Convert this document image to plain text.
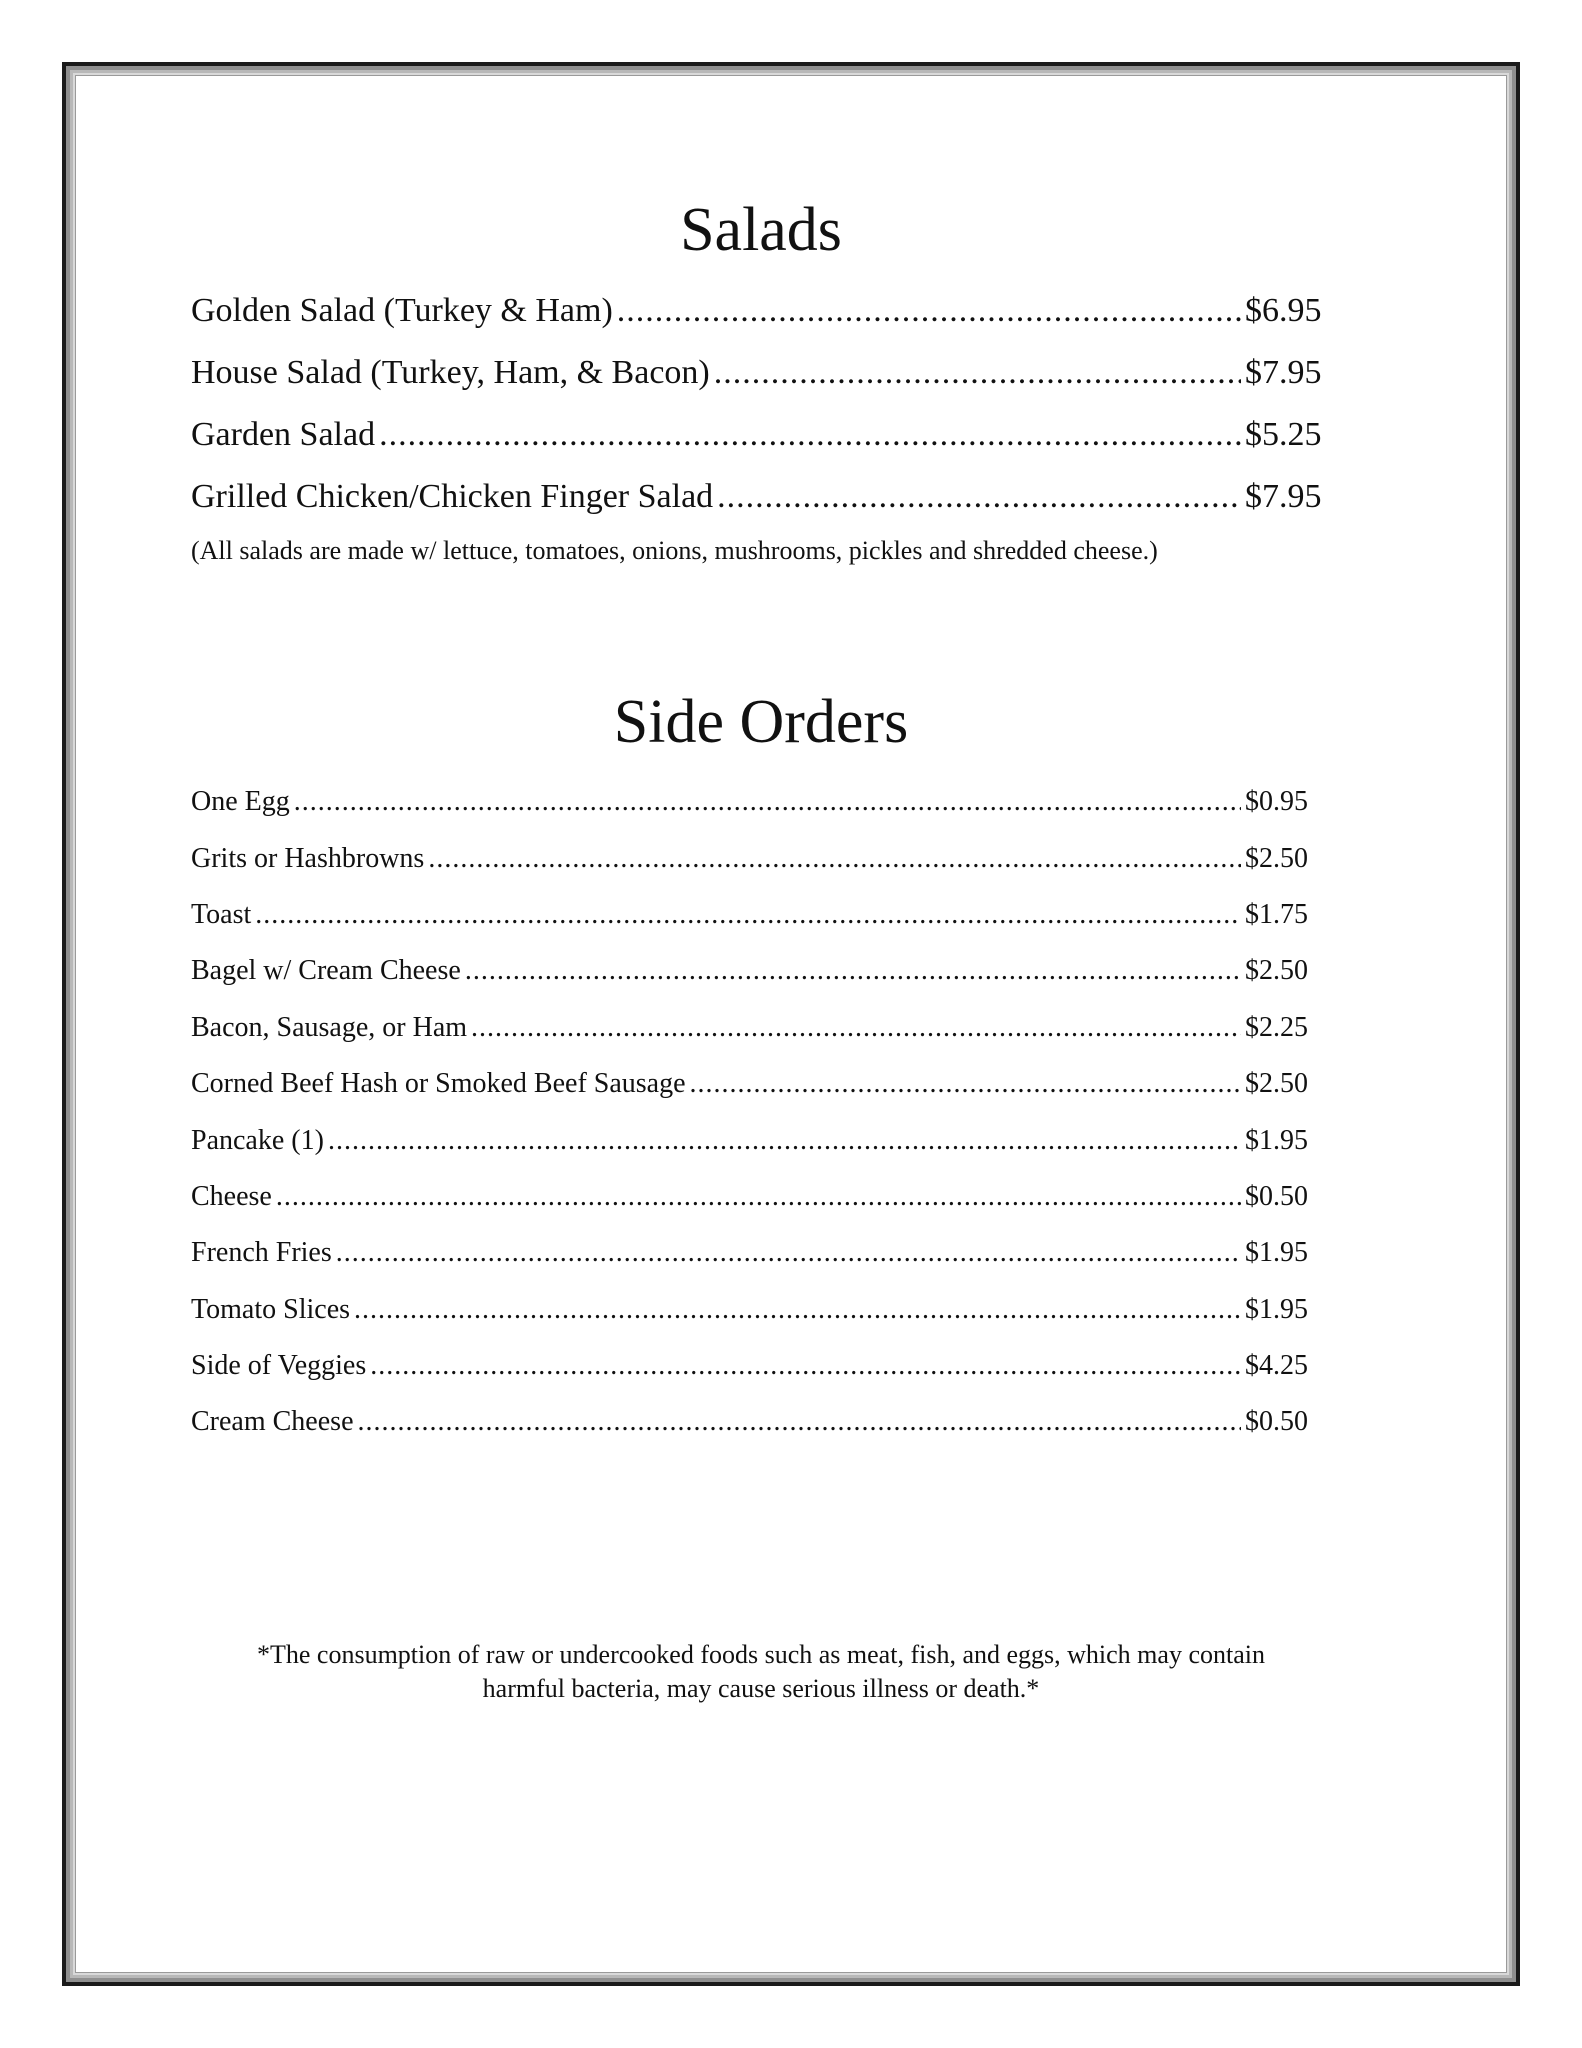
Salads
Golden Salad (Turkey & Ham) .....	$6.95
House Salad (Turkey, Ham, & Bacon) .....	$7.95
Garden Salad .....	$5.25
Grilled Chicken/Chicken Finger Salad .....	$7.95
(All salads are made w/ lettuce, tomatoes, onions, mushrooms, pickles and shredded cheese.)
Side Orders
One Egg .....	$0.95
Grits or Hashbrowns .....	$2.50
Toast .....	$1.75
Bagel w/ Cream Cheese .....	$2.50
Bacon, Sausage, or Ham .....	$2.25
Corned Beef Hash or Smoked Beef Sausage .....	$2.50
Pancake (1) .....	$1.95
Cheese .....	$0.50
French Fries .....	$1.95
Tomato Slices .....	$1.95
Side of Veggies .....	$4.25
Cream Cheese .....	$0.50
*The consumption of raw or undercooked foods such as meat, fish, and eggs, which may contain
harmful bacteria, may cause serious illness or death.*
